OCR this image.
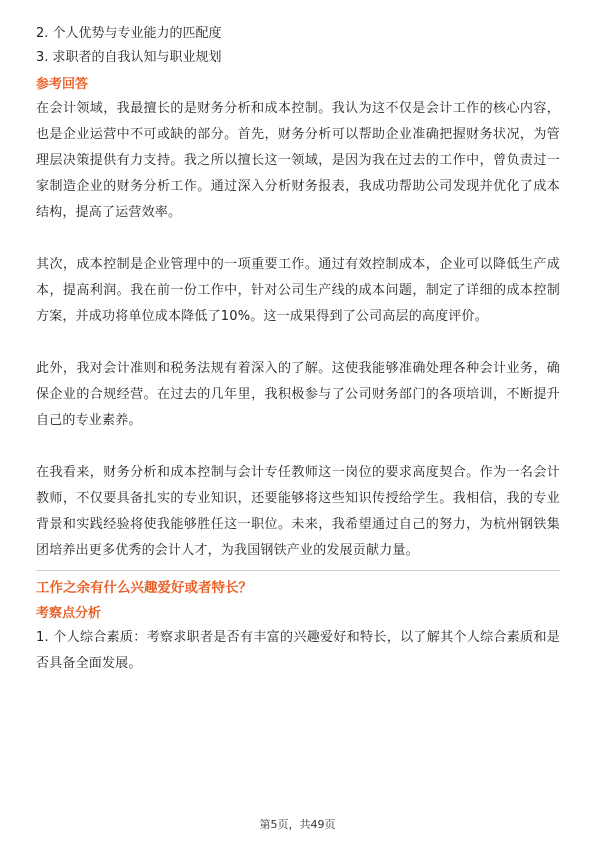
2. 个人优势与专业能力的匹配度

3. 求职者的自我认知与职业规划

参考回答

在会计领域，我最擅长的是财务分析和成本控制。我认为这不仅是会计工作的核心内容，也是企业运营中不可或缺的部分。首先，财务分析可以帮助企业准确把握财务状况，为管理层决策提供有力支持。我之所以擅长这一领域，是因为我在过去的工作中，曾负责过一家制造企业的财务分析工作。通过深入分析财务报表，我成功帮助公司发现并优化了成本结构，提高了运营效率。

其次，成本控制是企业管理中的一项重要工作。通过有效控制成本，企业可以降低生产成本，提高利润。我在前一份工作中，针对公司生产线的成本问题，制定了详细的成本控制方案，并成功将单位成本降低了10%。这一成果得到了公司高层的高度评价。

此外，我对会计准则和税务法规有着深入的了解。这使我能够准确处理各种会计业务，确保企业的合规经营。在过去的几年里，我积极参与了公司财务部门的各项培训，不断提升自己的专业素养。

在我看来，财务分析和成本控制与会计专任教师这一岗位的要求高度契合。作为一名会计教师，不仅要具备扎实的专业知识，还要能够将这些知识传授给学生。我相信，我的专业背景和实践经验将使我能够胜任这一职位。未来，我希望通过自己的努力，为杭州钢铁集团培养出更多优秀的会计人才，为我国钢铁产业的发展贡献力量。

工作之余有什么兴趣爱好或者特长？

考察点分析

1. 个人综合素质：考察求职者是否有丰富的兴趣爱好和特长，以了解其个人综合素质和是否具备全面发展。

第5页，共49页
